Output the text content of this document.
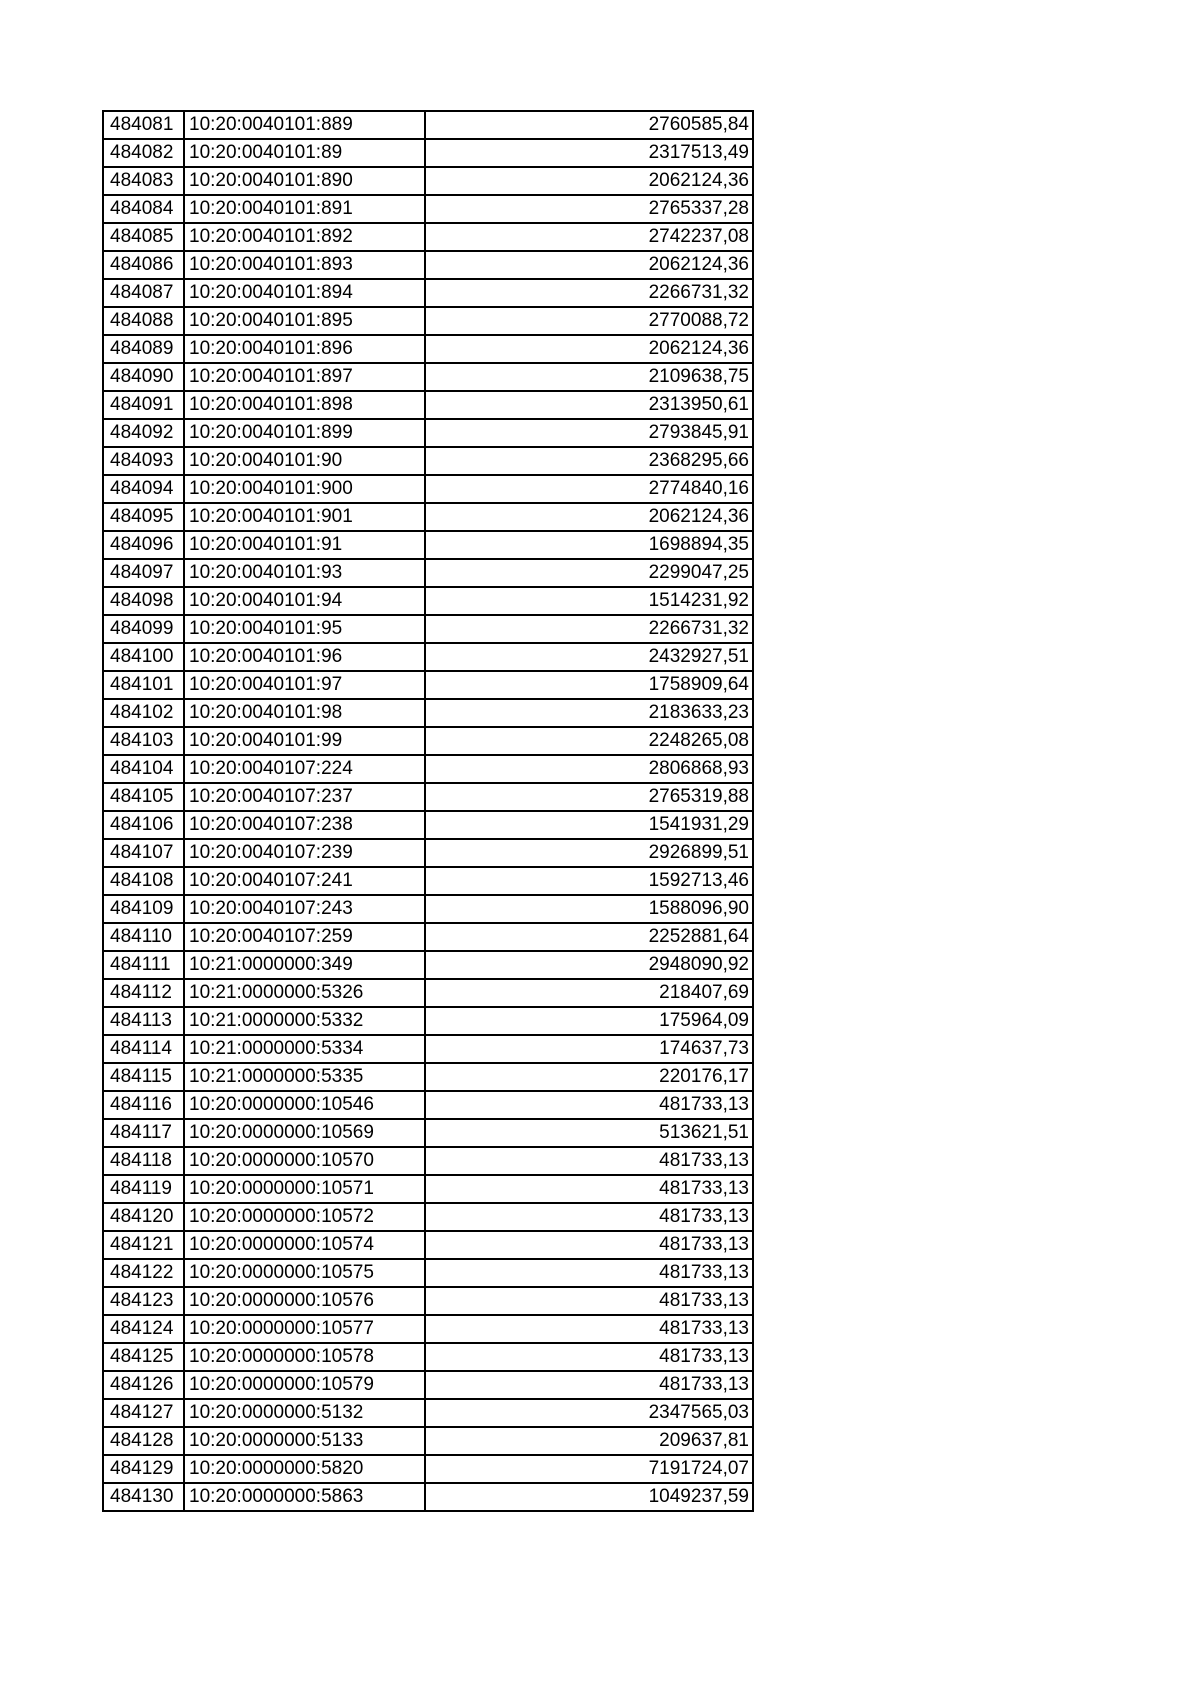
484081	10:20:0040101:889	2760585,84
484082	10:20:0040101:89	2317513,49
484083	10:20:0040101:890	2062124,36
484084	10:20:0040101:891	2765337,28
484085	10:20:0040101:892	2742237,08
484086	10:20:0040101:893	2062124,36
484087	10:20:0040101:894	2266731,32
484088	10:20:0040101:895	2770088,72
484089	10:20:0040101:896	2062124,36
484090	10:20:0040101:897	2109638,75
484091	10:20:0040101:898	2313950,61
484092	10:20:0040101:899	2793845,91
484093	10:20:0040101:90	2368295,66
484094	10:20:0040101:900	2774840,16
484095	10:20:0040101:901	2062124,36
484096	10:20:0040101:91	1698894,35
484097	10:20:0040101:93	2299047,25
484098	10:20:0040101:94	1514231,92
484099	10:20:0040101:95	2266731,32
484100	10:20:0040101:96	2432927,51
484101	10:20:0040101:97	1758909,64
484102	10:20:0040101:98	2183633,23
484103	10:20:0040101:99	2248265,08
484104	10:20:0040107:224	2806868,93
484105	10:20:0040107:237	2765319,88
484106	10:20:0040107:238	1541931,29
484107	10:20:0040107:239	2926899,51
484108	10:20:0040107:241	1592713,46
484109	10:20:0040107:243	1588096,90
484110	10:20:0040107:259	2252881,64
484111	10:21:0000000:349	2948090,92
484112	10:21:0000000:5326	218407,69
484113	10:21:0000000:5332	175964,09
484114	10:21:0000000:5334	174637,73
484115	10:21:0000000:5335	220176,17
484116	10:20:0000000:10546	481733,13
484117	10:20:0000000:10569	513621,51
484118	10:20:0000000:10570	481733,13
484119	10:20:0000000:10571	481733,13
484120	10:20:0000000:10572	481733,13
484121	10:20:0000000:10574	481733,13
484122	10:20:0000000:10575	481733,13
484123	10:20:0000000:10576	481733,13
484124	10:20:0000000:10577	481733,13
484125	10:20:0000000:10578	481733,13
484126	10:20:0000000:10579	481733,13
484127	10:20:0000000:5132	2347565,03
484128	10:20:0000000:5133	209637,81
484129	10:20:0000000:5820	7191724,07
484130	10:20:0000000:5863	1049237,59
